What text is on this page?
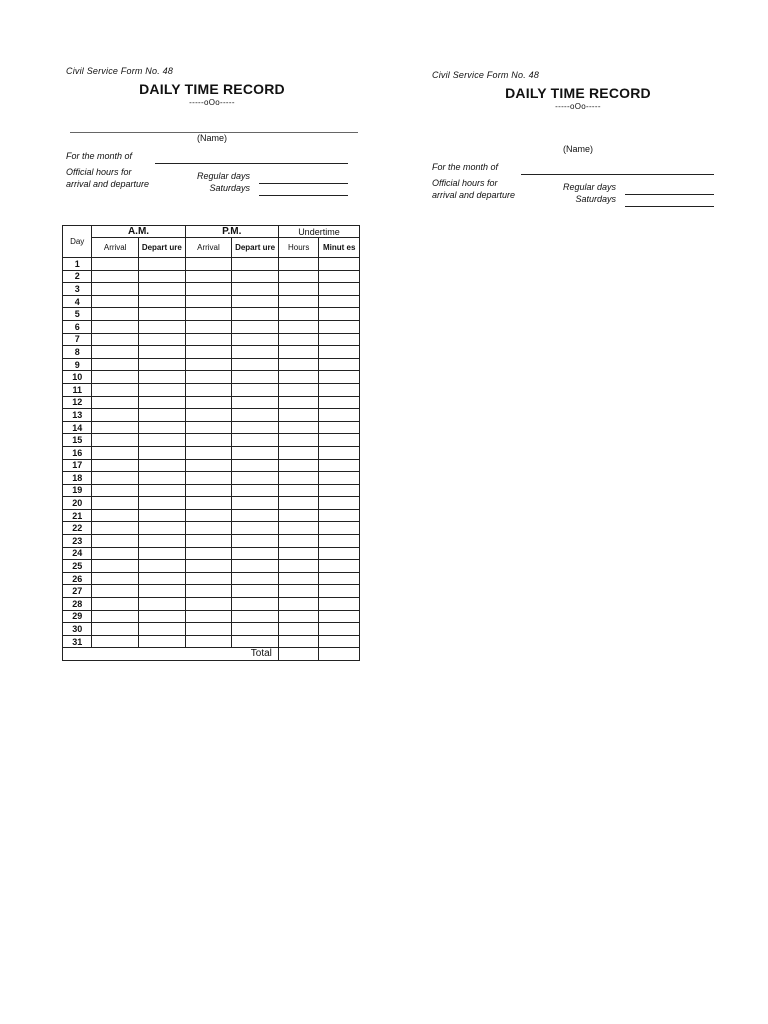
Civil Service Form No. 48
DAILY TIME RECORD
-----oOo-----
(Name)
For the month of
Official hours for
arrival and departure
Regular days
Saturdays
Day	A.M.		P.M.		Undertime	
	Arrival	Depart ure	Arrival	Depart ure	Hours	Minut es
1						
2						
3						
4						
5						
6						
7						
8						
9						
10						
11						
12						
13						
14						
15						
16						
17						
18						
19						
20						
21						
22						
23						
24						
25						
26						
27						
28						
29						
30						
31						
Total						
Civil Service Form No. 48
DAILY TIME RECORD
-----oOo-----
(Name)
For the month of
Official hours for
arrival and departure
Regular days
Saturdays
